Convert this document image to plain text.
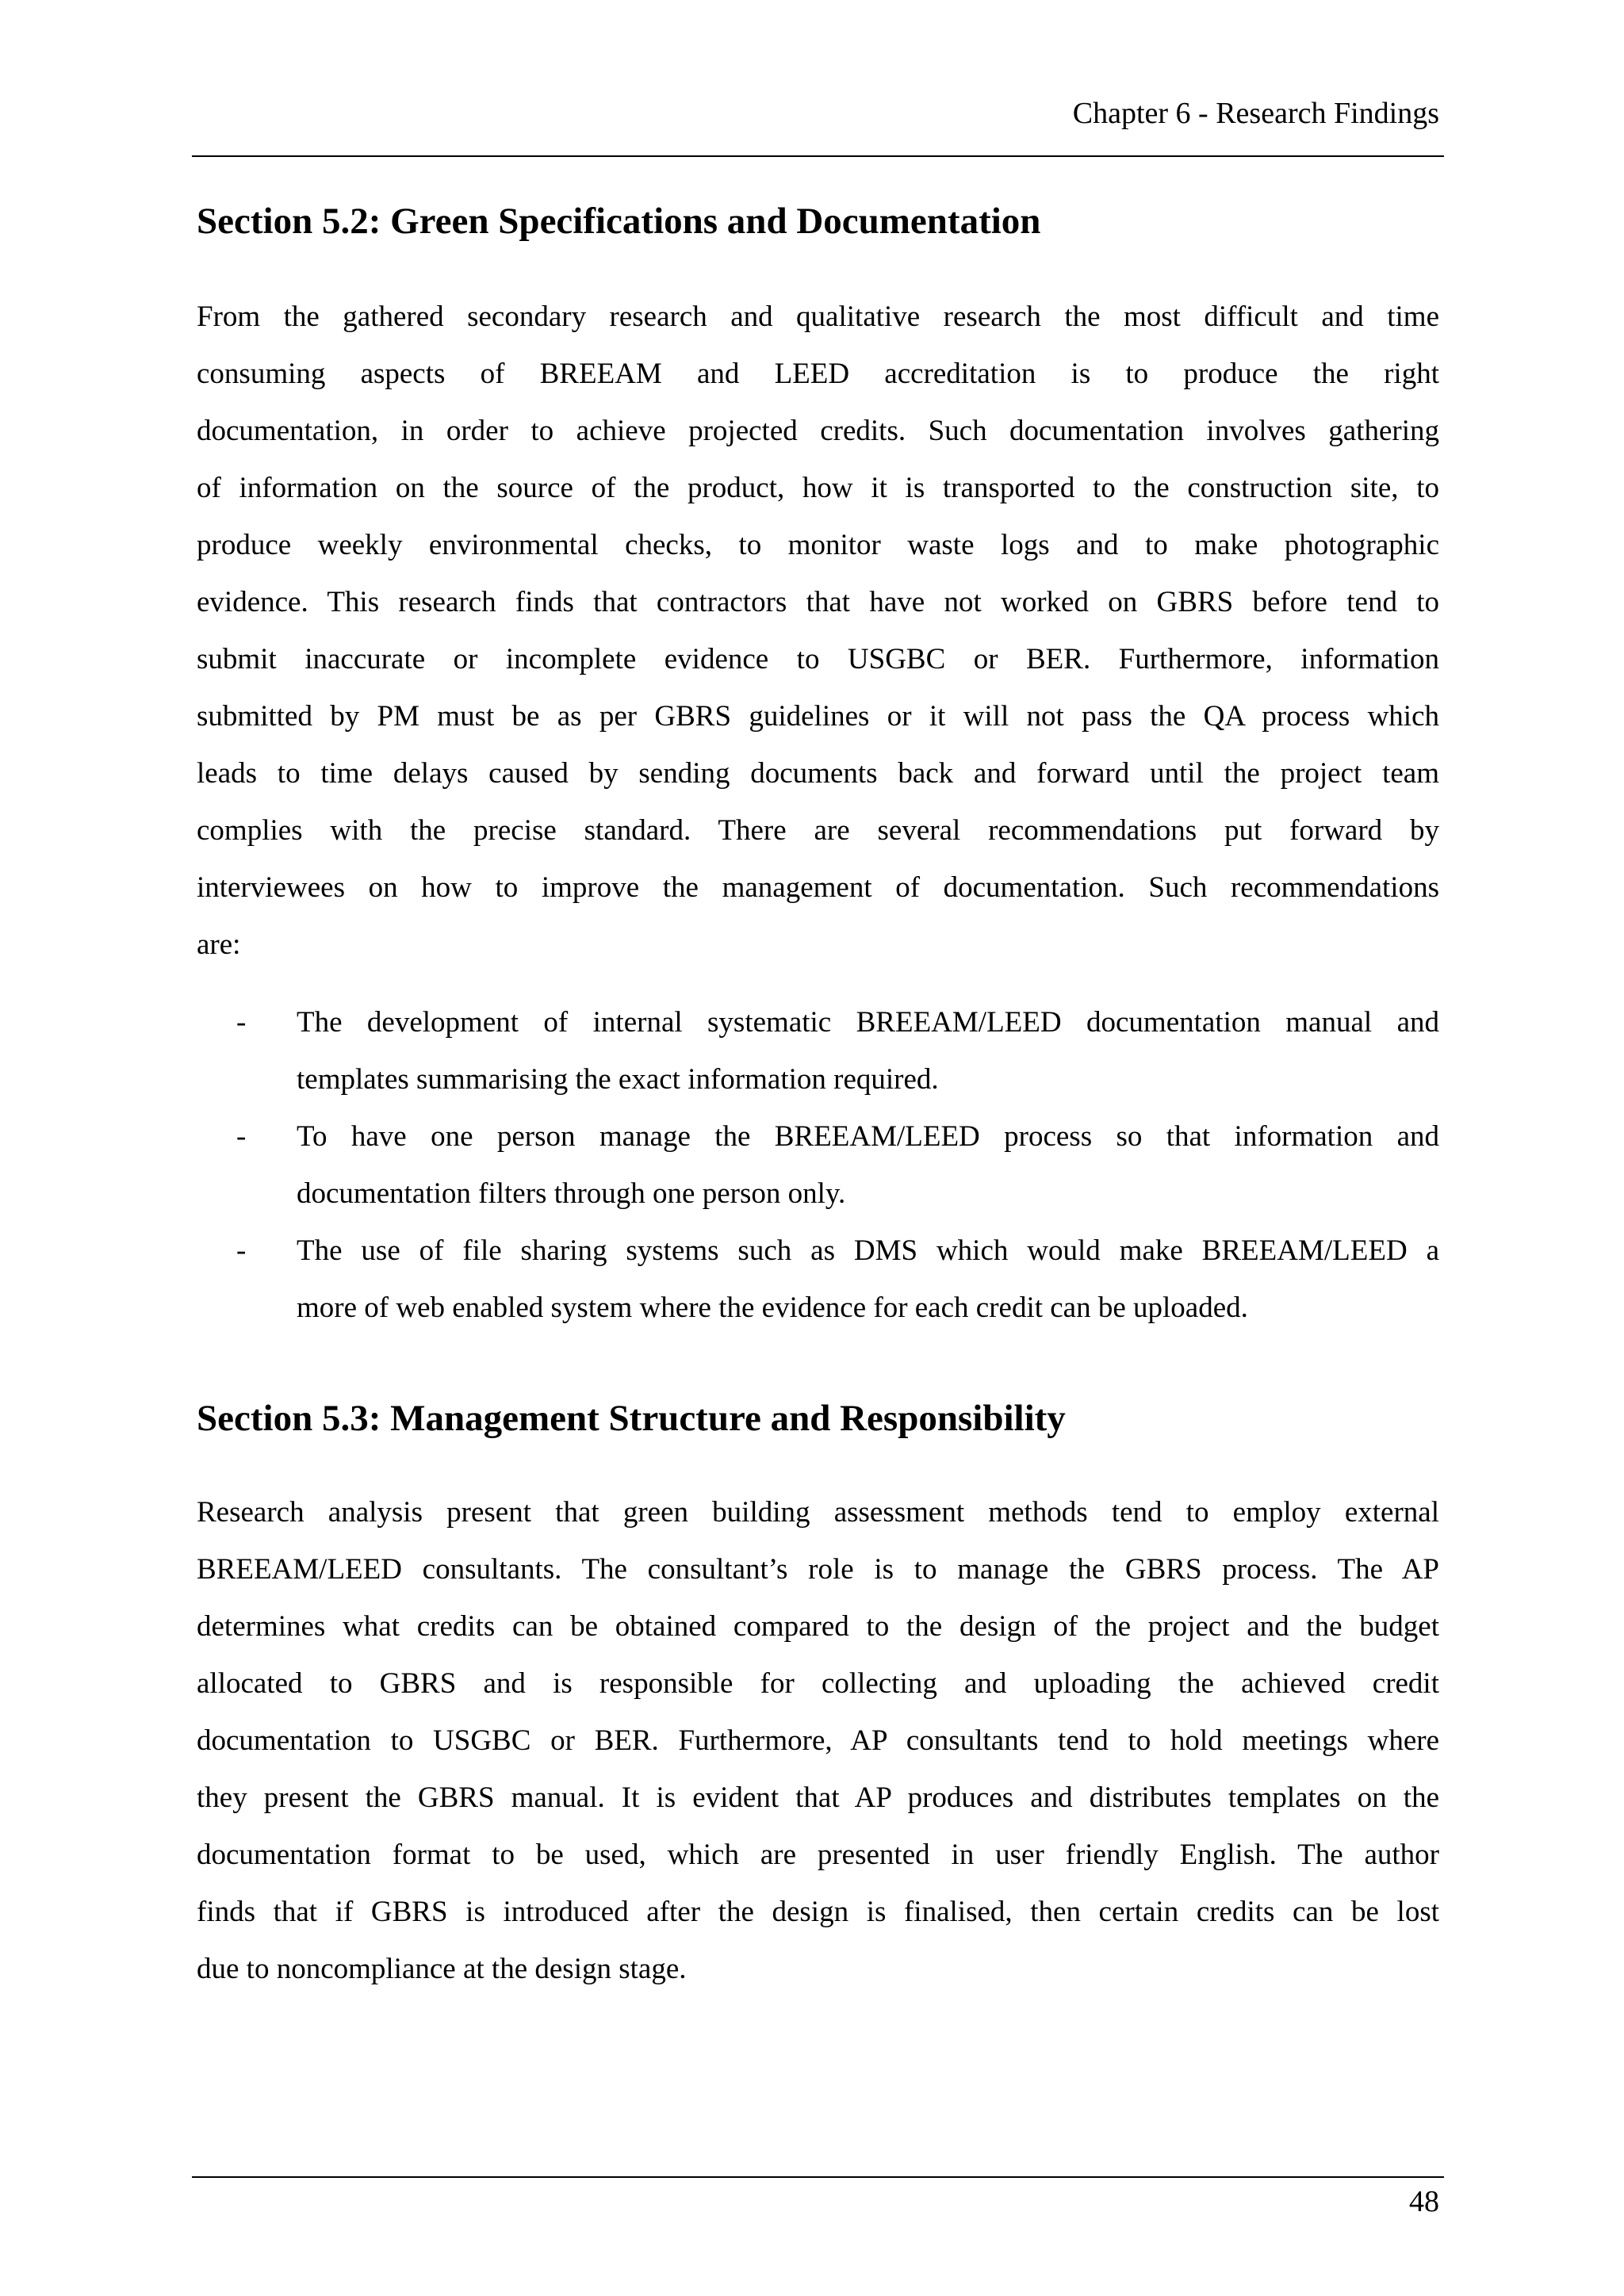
Chapter 6 - Research Findings
Section 5.2: Green Specifications and Documentation
From the gathered secondary research and qualitative research the most difficult and time
consuming aspects of BREEAM and LEED accreditation is to produce the right
documentation, in order to achieve projected credits. Such documentation involves gathering
of information on the source of the product, how it is transported to the construction site, to
produce weekly environmental checks, to monitor waste logs and to make photographic
evidence. This research finds that contractors that have not worked on GBRS before tend to
submit inaccurate or incomplete evidence to USGBC or BER. Furthermore, information
submitted by PM must be as per GBRS guidelines or it will not pass the QA process which
leads to time delays caused by sending documents back and forward until the project team
complies with the precise standard. There are several recommendations put forward by
interviewees on how to improve the management of documentation. Such recommendations
are:
- The development of internal systematic BREEAM/LEED documentation manual and
templates summarising the exact information required.
- To have one person manage the BREEAM/LEED process so that information and
documentation filters through one person only.
- The use of file sharing systems such as DMS which would make BREEAM/LEED a
more of web enabled system where the evidence for each credit can be uploaded.
Section 5.3: Management Structure and Responsibility
Research analysis present that green building assessment methods tend to employ external
BREEAM/LEED consultants. The consultant’s role is to manage the GBRS process. The AP
determines what credits can be obtained compared to the design of the project and the budget
allocated to GBRS and is responsible for collecting and uploading the achieved credit
documentation to USGBC or BER. Furthermore, AP consultants tend to hold meetings where
they present the GBRS manual. It is evident that AP produces and distributes templates on the
documentation format to be used, which are presented in user friendly English. The author
finds that if GBRS is introduced after the design is finalised, then certain credits can be lost
due to noncompliance at the design stage.
48
